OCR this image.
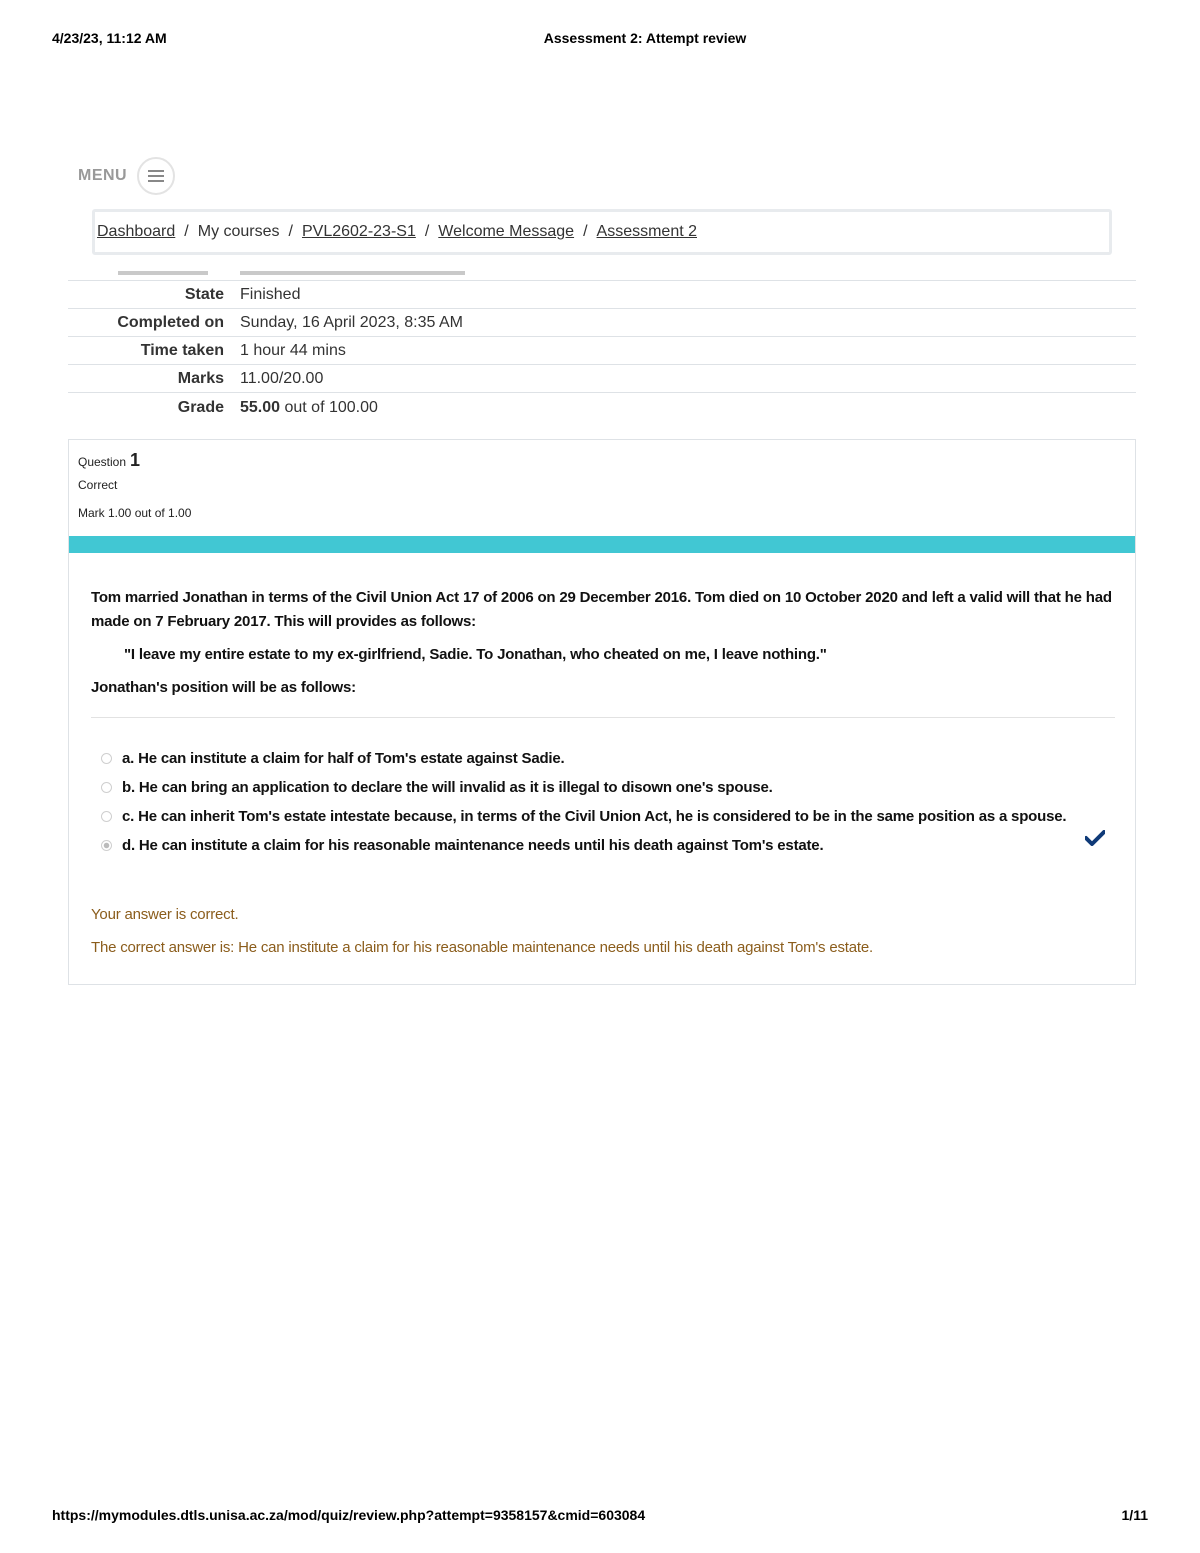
4/23/23, 11:12 AM	Assessment 2: Attempt review
MENU
Dashboard / My courses / PVL2602-23-S1 / Welcome Message / Assessment 2
State	Finished
Completed on	Sunday, 16 April 2023, 8:35 AM
Time taken	1 hour 44 mins
Marks	11.00/20.00
Grade	55.00 out of 100.00
Question 1
Correct
Mark 1.00 out of 1.00
Tom married Jonathan in terms of the Civil Union Act 17 of 2006 on 29 December 2016. Tom died on 10 October 2020 and left a valid will that he had made on 7 February 2017. This will provides as follows:
"I leave my entire estate to my ex-girlfriend, Sadie. To Jonathan, who cheated on me, I leave nothing."
Jonathan's position will be as follows:
a. He can institute a claim for half of Tom's estate against Sadie.
b. He can bring an application to declare the will invalid as it is illegal to disown one's spouse.
c. He can inherit Tom's estate intestate because, in terms of the Civil Union Act, he is considered to be in the same position as a spouse.
d. He can institute a claim for his reasonable maintenance needs until his death against Tom's estate.
Your answer is correct.
The correct answer is: He can institute a claim for his reasonable maintenance needs until his death against Tom's estate.
https://mymodules.dtls.unisa.ac.za/mod/quiz/review.php?attempt=9358157&cmid=603084	1/11
